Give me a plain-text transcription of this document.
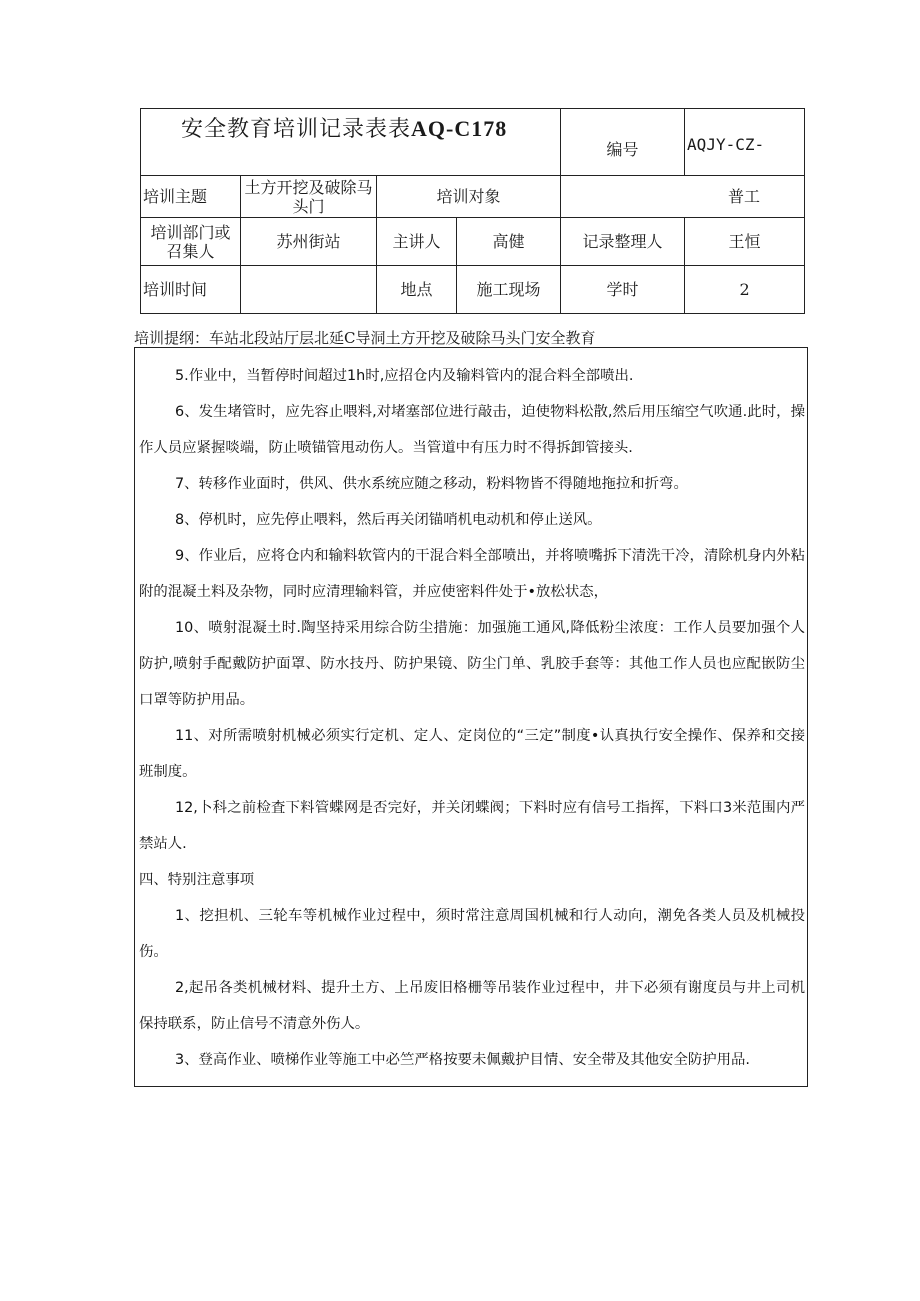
安全教育培训记录表表AQ-C178				编号	AQJY-CZ-

培训主题	土方开挖及破除马头门	培训对象		普工	
培训部门或召集人	苏州街站	主讲人	高健	记录整理人	王恒
培训时间		地点	施工现场	学时	2
培训提纲：车站北段站厅层北延C导洞土方开挖及破除马头门安全教育

5.作业中，当暂停时间超过1h时,应招仓内及输料管内的混合料全部喷出.

6、发生堵管时，应先容止喂料,对堵塞部位进行敲击，迫使物料松散,然后用压缩空气吹通.此时，操作人员应紧握啖端，防止喷锚管甩动伤人。当管道中有压力时不得拆卸管接头.

7、转移作业面时，供风、供水系统应随之移动，粉料物皆不得随地拖拉和折弯。

8、停机时，应先停止喂料，然后再关闭锚哨机电动机和停止送风。

9、作业后，应将仓内和输料软管内的干混合料全部喷出，并将喷嘴拆下清洗干冷，清除机身内外粘附的混凝土料及杂物，同时应清理输料管，并应使密料件处于•放松状态，

10、喷射混凝土时.陶坚持采用综合防尘措施：加强施工通风,降低粉尘浓度：工作人员要加强个人防护,喷射手配戴防护面罩、防水技丹、防护果镜、防尘门单、乳胶手套等：其他工作人员也应配嵌防尘口罩等防护用品。

11、对所需喷射机械必须实行定机、定人、定岗位的“三定”制度•认真执行安全操作、保养和交接班制度。

12,卜科之前检査下料管蝶网是否完好，并关闭蝶阀；下料时应有信号工指挥，下料口3米范围内严禁站人.

四、特别注意事项

1、挖担机、三轮车等机械作业过程中，须时常注意周国机械和行人动向，潮免各类人员及机械投伤。

2,起吊各类机械材料、提升土方、上吊废旧格栅等吊装作业过程中，井下必须有谢度员与井上司机保持联系，防止信号不清意外伤人。

3、登高作业、喷梯作业等施工中必竺严格按要未佩戴护目情、安全带及其他安全防护用品.
